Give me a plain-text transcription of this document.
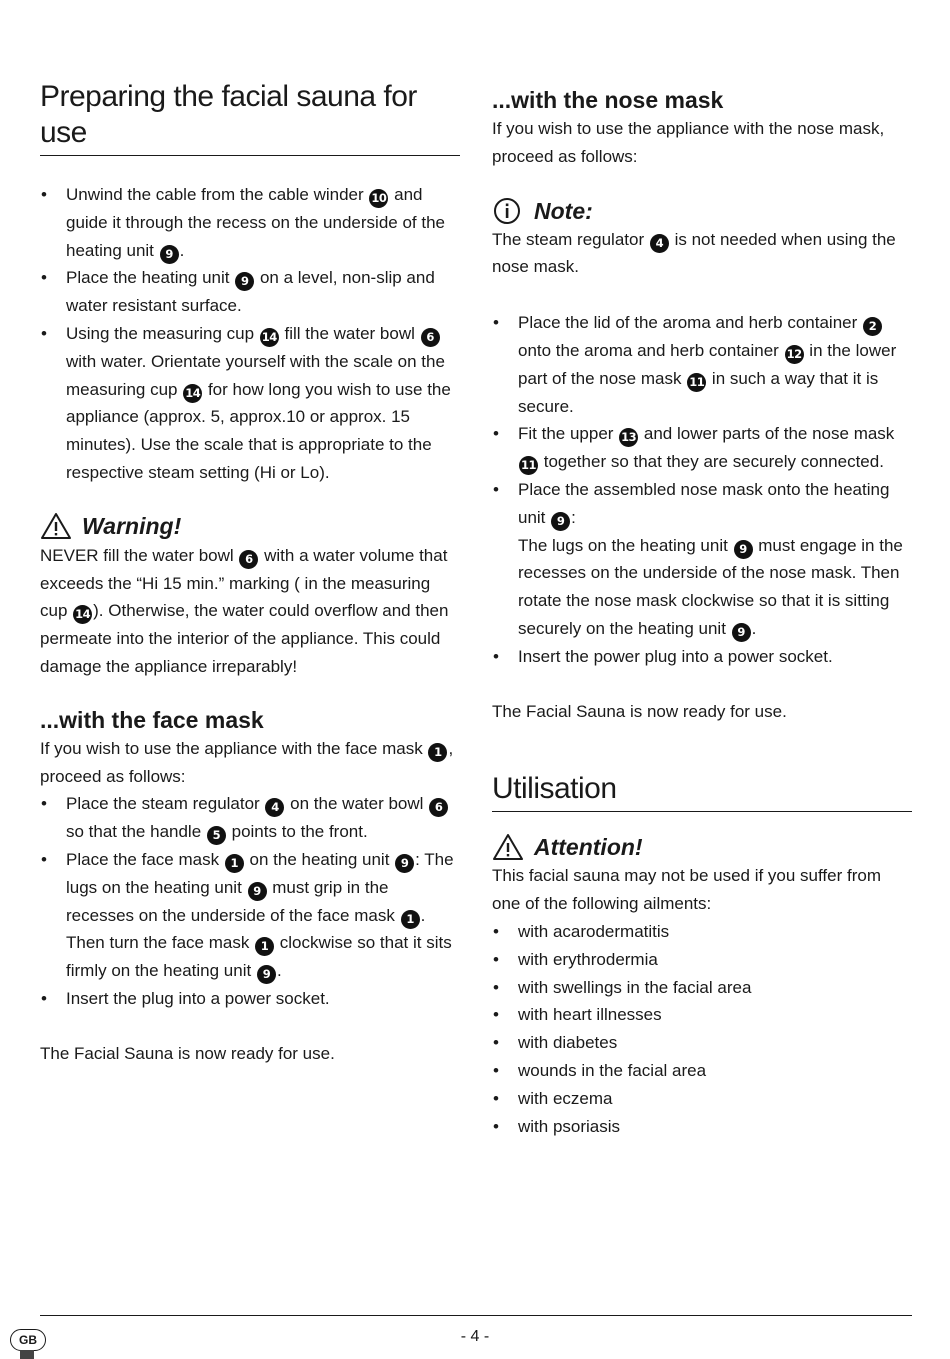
Preparing the facial sauna for use
• Unwind the cable from the cable winder 10 and guide it through the recess on the underside of the heating unit 9 .
• Place the heating unit 9 on a level, non-slip and water resistant surface.
• Using the measuring cup 14 fill the water bowl 6 with water. Orientate yourself with the scale on the measuring cup 14 for how long you wish to use the appliance (approx. 5, approx.10 or approx. 15 minutes). Use the scale that is appropriate to the respective steam setting (Hi or Lo).
Warning!

NEVER fill the water bowl 6 with a water volume that exceeds the “Hi 15 min.” marking ( in the measuring cup 14 ). Otherwise, the water could overflow and then permeate into the interior of the appliance. This could damage the appliance irreparably!

...with the face mask

If you wish to use the appliance with the face mask 1 , proceed as follows:

• Place the steam regulator 4 on the water bowl 6 so that the handle 5 points to the front.
• Place the face mask 1 on the heating unit 9 : The lugs on the heating unit 9 must grip in the recesses on the underside of the face mask 1 . Then turn the face mask 1 clockwise so that it sits firmly on the heating unit 9 .
• Insert the plug into a power socket.

The Facial Sauna is now ready for use.

...with the nose mask

If you wish to use the appliance with the nose mask, proceed as follows:

Note:

The steam regulator 4 is not needed when using the nose mask.

• Place the lid of the aroma and herb container 2 onto the aroma and herb container 12 in the lower part of the nose mask 11 in such a way that it is secure.
• Fit the upper 13 and lower parts of the nose mask 11 together so that they are securely connected.
• Place the assembled nose mask onto the heating unit 9 :
The lugs on the heating unit 9 must engage in the recesses on the underside of the nose mask. Then rotate the nose mask clockwise so that it is sitting securely on the heating unit 9 .
• Insert the power plug into a power socket.

The Facial Sauna is now ready for use.

Utilisation
Attention!

This facial sauna may not be used if you suffer from one of the following ailments:

• with acarodermatitis
• with erythrodermia
• with swellings in the facial area
• with heart illnesses
• with diabetes
• wounds in the facial area
• with eczema
• with psoriasis
- 4 -
GB
